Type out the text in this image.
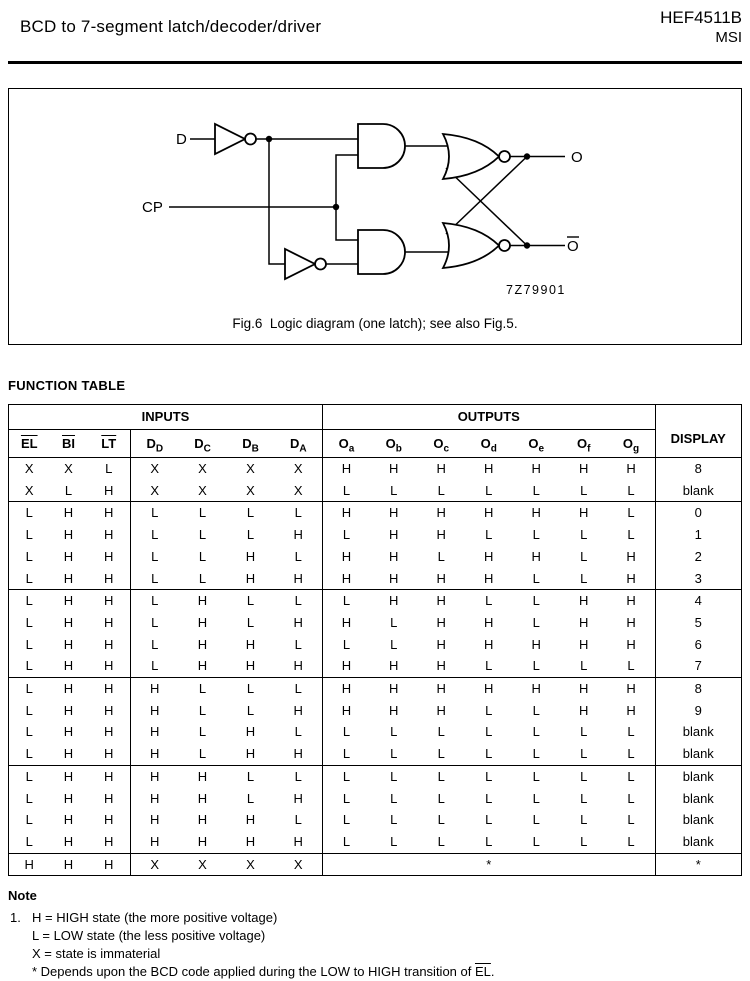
BCD to 7-segment latch/decoder/driver	HEF4511B
MSI
D
CP
O
O
7Z79901
Fig.6  Logic diagram (one latch); see also Fig.5.
FUNCTION TABLE
INPUTS							OUTPUTS							DISPLAY
$\overline{EL}$	$\overline{BI}$	$\overline{LT}$	$D_D$	$D_C$	$D_B$	$D_A$	$O_a$	$O_b$	$O_c$	$O_d$	$O_e$	$O_f$	$O_g$
X	X	L	X	X	X	X	H	H	H	H	H	H	H	8
X	L	H	X	X	X	X	L	L	L	L	L	L	L	blank
L	H	H	L	L	L	L	H	H	H	H	H	H	L	0
L	H	H	L	L	L	H	L	H	H	L	L	L	L	1
L	H	H	L	L	H	L	H	H	L	H	H	L	H	2
L	H	H	L	L	H	H	H	H	H	H	L	L	H	3
L	H	H	L	H	L	L	L	H	H	L	L	H	H	4
L	H	H	L	H	L	H	H	L	H	H	L	H	H	5
L	H	H	L	H	H	L	L	L	H	H	H	H	H	6
L	H	H	L	H	H	H	H	H	H	L	L	L	L	7
L	H	H	H	L	L	L	H	H	H	H	H	H	H	8
L	H	H	H	L	L	H	H	H	H	L	L	H	H	9
L	H	H	H	L	H	L	L	L	L	L	L	L	L	blank
L	H	H	H	L	H	H	L	L	L	L	L	L	L	blank
L	H	H	H	H	L	L	L	L	L	L	L	L	L	blank
L	H	H	H	H	L	H	L	L	L	L	L	L	L	blank
L	H	H	H	H	H	L	L	L	L	L	L	L	L	blank
L	H	H	H	H	H	H	L	L	L	L	L	L	L	blank
H	H	H	X	X	X	X	*							*
Note
1. H = HIGH state (the more positive voltage)
L = LOW state (the less positive voltage)
X = state is immaterial
* Depends upon the BCD code applied during the LOW to HIGH transition of $\overline{EL}$.
